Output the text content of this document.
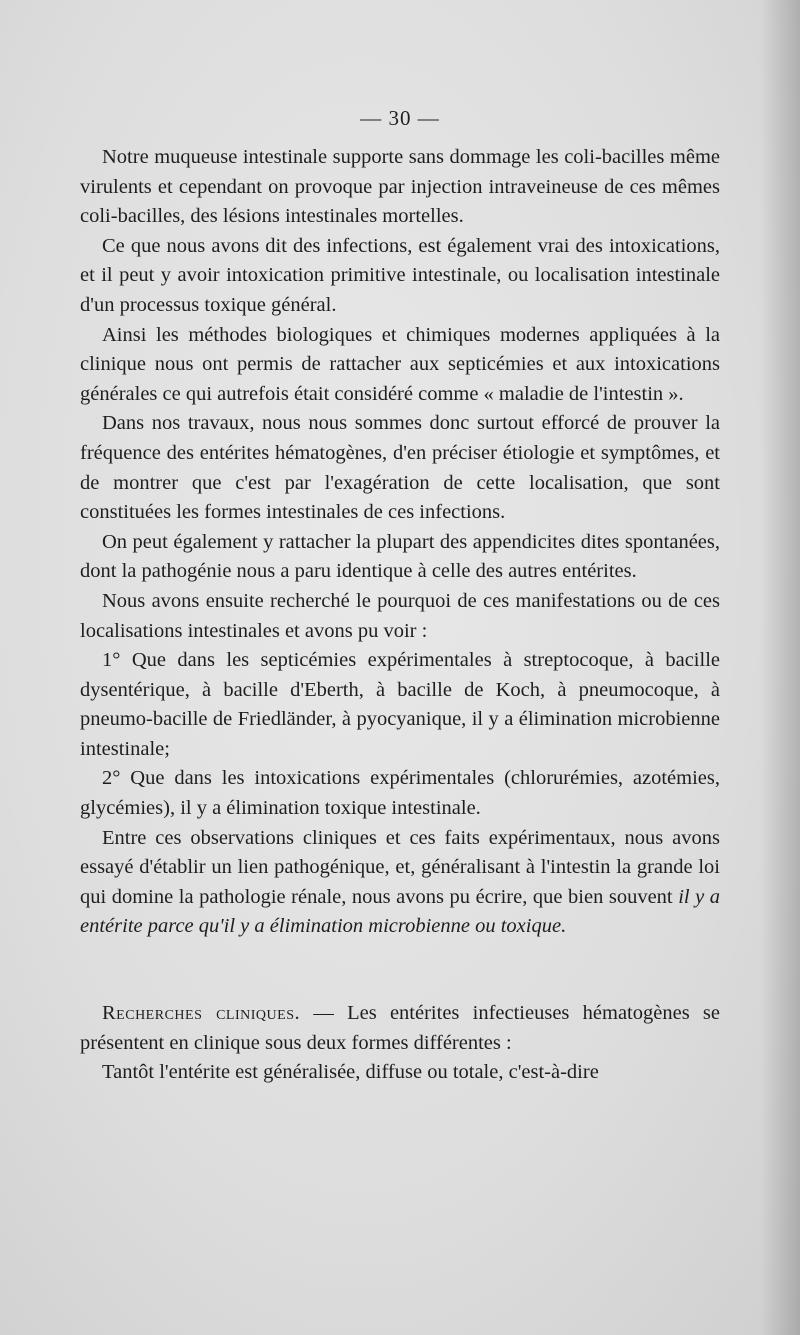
— 30 —

Notre muqueuse intestinale supporte sans dommage les coli-bacilles même virulents et cependant on provoque par injection intraveineuse de ces mêmes coli-bacilles, des lésions intestinales mortelles.

Ce que nous avons dit des infections, est également vrai des intoxications, et il peut y avoir intoxication primitive intestinale, ou localisation intestinale d'un processus toxique général.

Ainsi les méthodes biologiques et chimiques modernes appliquées à la clinique nous ont permis de rattacher aux septicémies et aux intoxications générales ce qui autrefois était considéré comme « maladie de l'intestin ».

Dans nos travaux, nous nous sommes donc surtout efforcé de prouver la fréquence des entérites hématogènes, d'en préciser étiologie et symptômes, et de montrer que c'est par l'exagération de cette localisation, que sont constituées les formes intestinales de ces infections.

On peut également y rattacher la plupart des appendicites dites spontanées, dont la pathogénie nous a paru identique à celle des autres entérites.

Nous avons ensuite recherché le pourquoi de ces manifestations ou de ces localisations intestinales et avons pu voir :

1° Que dans les septicémies expérimentales à streptocoque, à bacille dysentérique, à bacille d'Eberth, à bacille de Koch, à pneumocoque, à pneumo-bacille de Friedländer, à pyocyanique, il y a élimination microbienne intestinale;

2° Que dans les intoxications expérimentales (chlorurémies, azotémies, glycémies), il y a élimination toxique intestinale.

Entre ces observations cliniques et ces faits expérimentaux, nous avons essayé d'établir un lien pathogénique, et, généralisant à l'intestin la grande loi qui domine la pathologie rénale, nous avons pu écrire, que bien souvent il y a entérite parce qu'il y a élimination microbienne ou toxique.

Recherches cliniques. — Les entérites infectieuses hématogènes se présentent en clinique sous deux formes différentes :

Tantôt l'entérite est généralisée, diffuse ou totale, c'est-à-dire
